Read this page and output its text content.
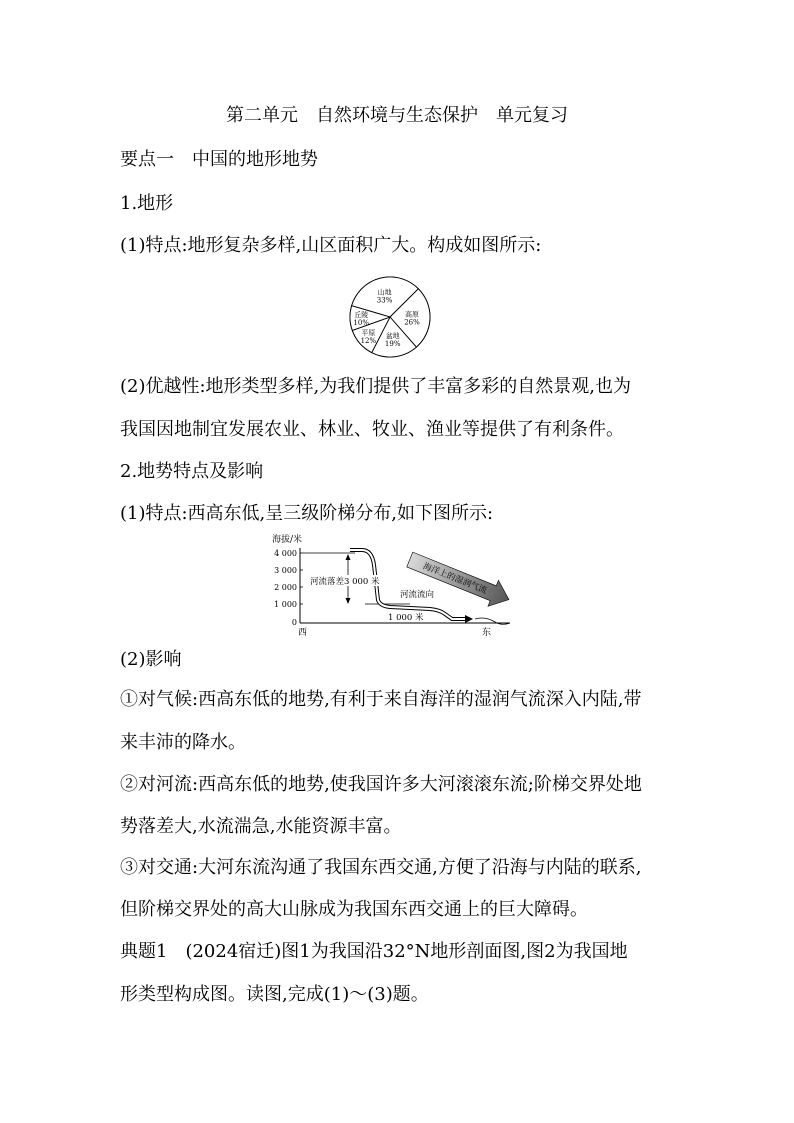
第二单元　自然环境与生态保护　单元复习
要点一　中国的地形地势
1.地形
(1)特点:地形复杂多样,山区面积广大。构成如图所示:
山地
33%
高原
26%
盆地
19%
平原
12%
丘陵
10%
(2)优越性:地形类型多样,为我们提供了丰富多彩的自然景观,也为
我国因地制宜发展农业、林业、牧业、渔业等提供了有利条件。
2.地势特点及影响
(1)特点:西高东低,呈三级阶梯分布,如下图所示:
海拔/米
4 000
3 000
2 000
1 000
0
河流落差3 000 米
河流流向
1 000 米
海洋上的湿润气流
西	东
(2)影响
①对气候:西高东低的地势,有利于来自海洋的湿润气流深入内陆,带
来丰沛的降水。
②对河流:西高东低的地势,使我国许多大河滚滚东流;阶梯交界处地
势落差大,水流湍急,水能资源丰富。
③对交通:大河东流沟通了我国东西交通,方便了沿海与内陆的联系,
但阶梯交界处的高大山脉成为我国东西交通上的巨大障碍。
典题1　(2024宿迁)图1为我国沿32°N地形剖面图,图2为我国地
形类型构成图。读图,完成(1)～(3)题。
